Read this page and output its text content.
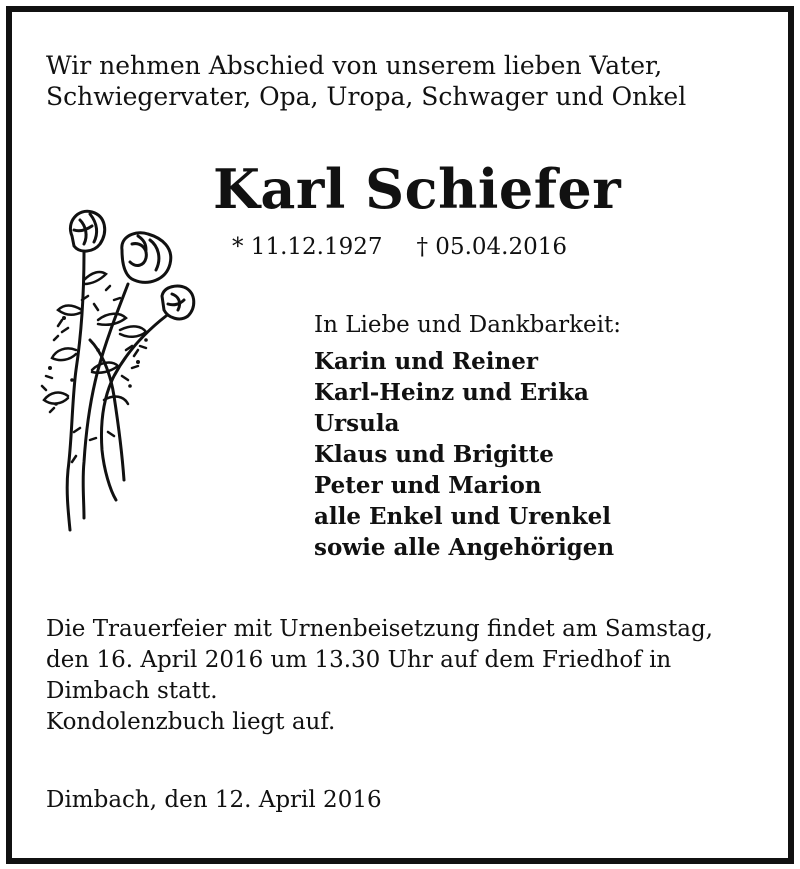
Wir nehmen Abschied von unserem lieben Vater,
Schwiegervater, Opa, Uropa, Schwager und Onkel

Karl Schiefer

* 11.12.1927 † 05.04.2016

In Liebe und Dankbarkeit:

Karin und Reiner
Karl-Heinz und Erika
Ursula
Klaus und Brigitte
Peter und Marion
alle Enkel und Urenkel
sowie alle Angehörigen

Die Trauerfeier mit Urnenbeisetzung findet am Samstag,
den 16. April 2016 um 13.30 Uhr auf dem Friedhof in
Dimbach statt.
Kondolenzbuch liegt auf.

Dimbach, den 12. April 2016
